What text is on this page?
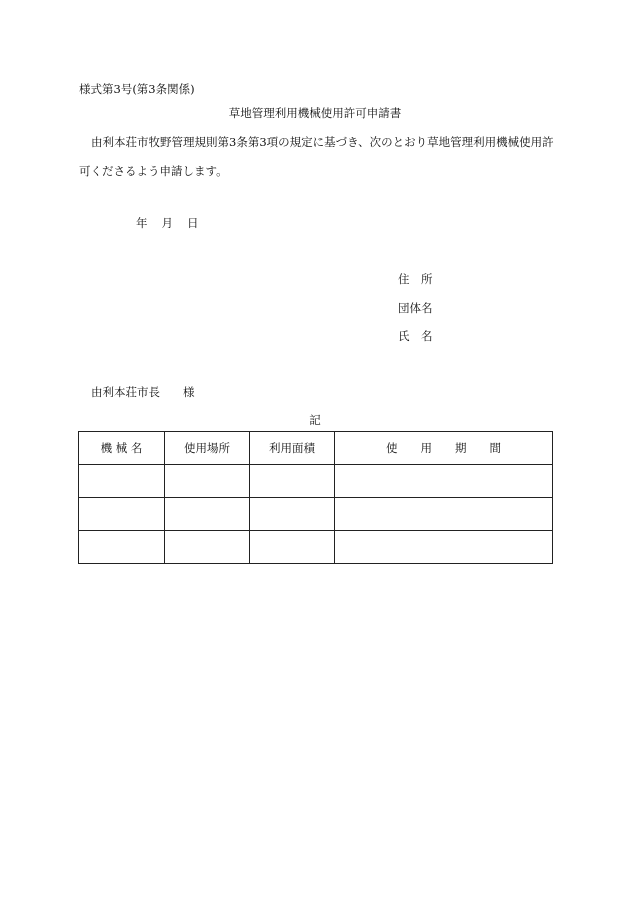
様式第3号(第3条関係)
草地管理利用機械使用許可申請書
由利本荘市牧野管理規則第3条第3項の規定に基づき、次のとおり草地管理利用機械使用許可くださるよう申請します。
年 月 日
住　所
団体名
氏　名
由利本荘市長　　様
記
機 械 名	使用場所	利用面積	使　　用　　期　　間
